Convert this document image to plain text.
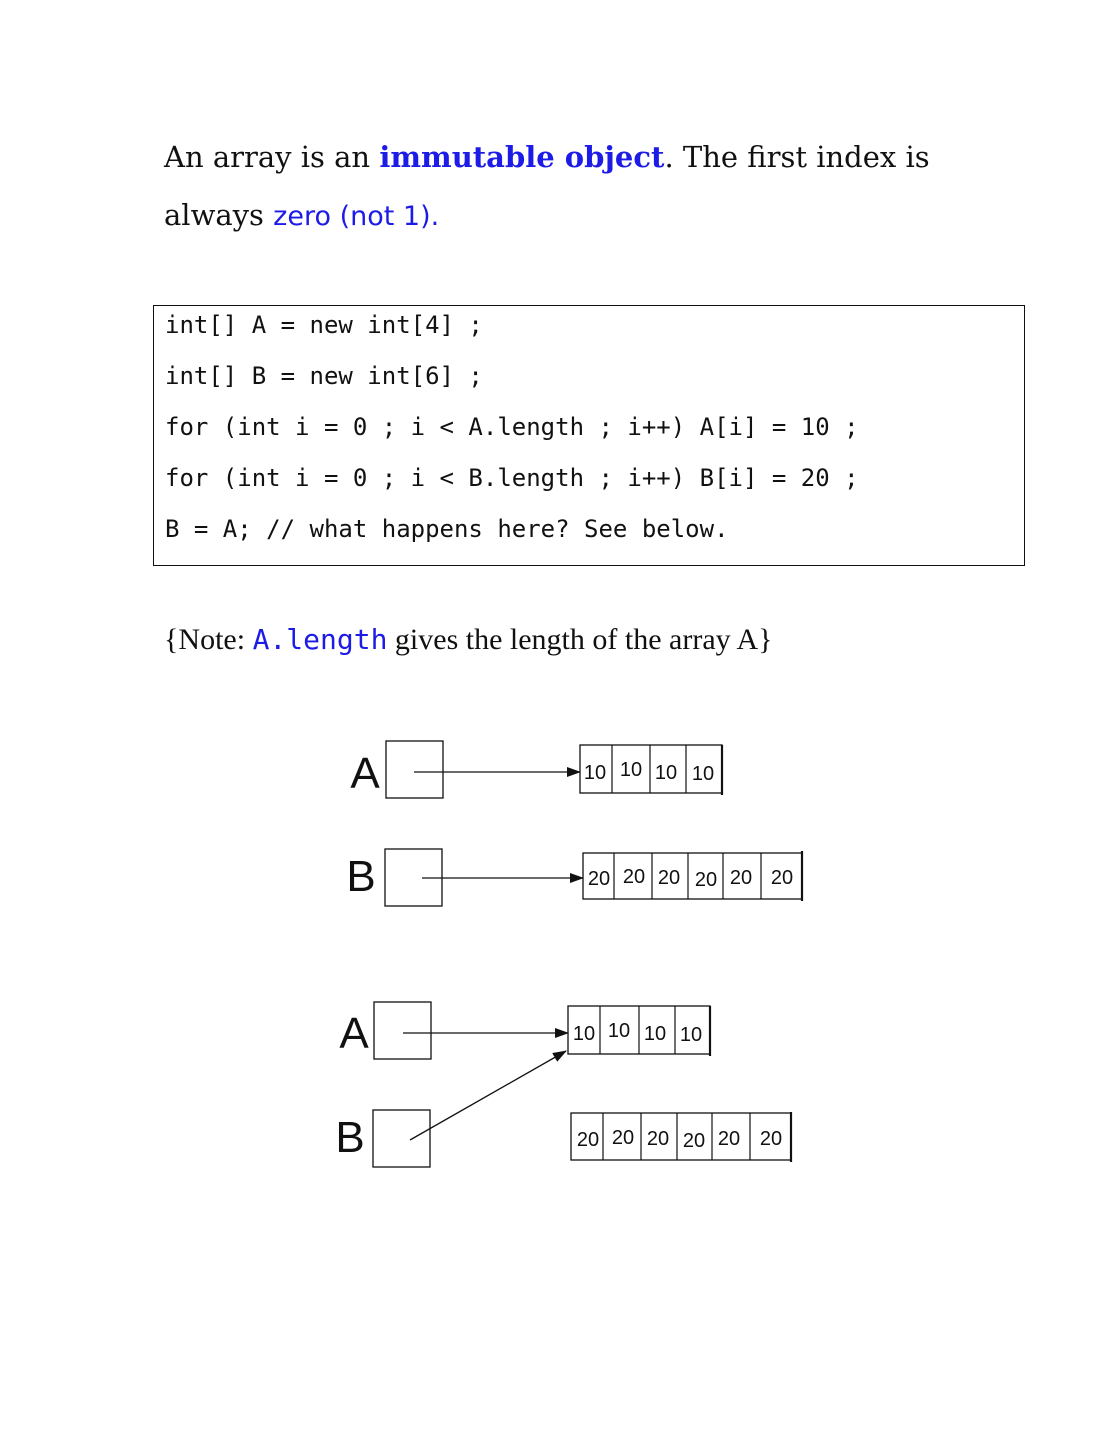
An array is an immutable object. The first index is
always zero (not 1).
int[] A = new int[4] ;
int[] B = new int[6] ;
for (int i = 0 ; i < A.length ; i++) A[i] = 10 ;
for (int i = 0 ; i < B.length ; i++) B[i] = 20 ;
B = A; // what happens here? See below.
{Note: A.length gives the length of the array A}
A	10 10 10 10
B	20 20 20 20 20 20
A	10 10 10 10
B	20 20 20 20 20 20
